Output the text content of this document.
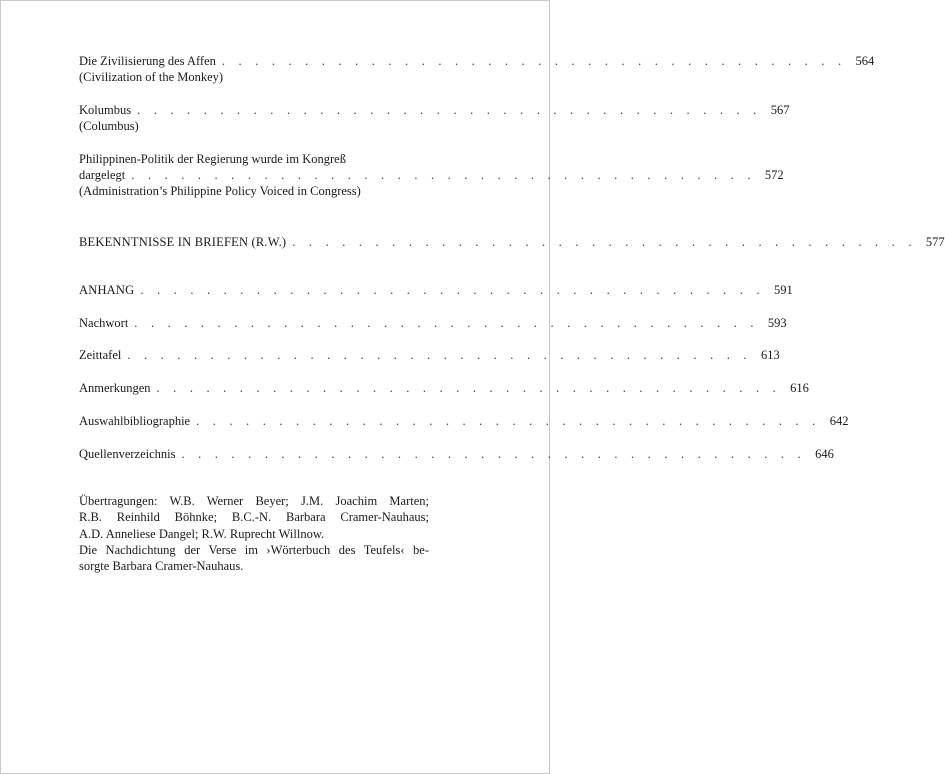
Die Zivilisierung des Affen . . . . . . . . . . . . . . . . . . . . . . . . . . . . . . . . . . . . . . 564
(Civilization of the Monkey)
Kolumbus . . . . . . . . . . . . . . . . . . . . . . . . . . . . . . . . . . . . . . 567
(Columbus)
Philippinen-Politik der Regierung wurde im Kongreß
dargelegt . . . . . . . . . . . . . . . . . . . . . . . . . . . . . . . . . . . . . . 572
(Administration’s Philippine Policy Voiced in Congress)
BEKENNTNISSE IN BRIEFEN (R.W.) . . . . . . . . . . . . . . . . . . . . . . . . . . . . . . . . . . . . . . 577
ANHANG . . . . . . . . . . . . . . . . . . . . . . . . . . . . . . . . . . . . . . 591
Nachwort . . . . . . . . . . . . . . . . . . . . . . . . . . . . . . . . . . . . . . 593
Zeittafel . . . . . . . . . . . . . . . . . . . . . . . . . . . . . . . . . . . . . . 613
Anmerkungen . . . . . . . . . . . . . . . . . . . . . . . . . . . . . . . . . . . . . . 616
Auswahlbibliographie . . . . . . . . . . . . . . . . . . . . . . . . . . . . . . . . . . . . . . 642
Quellenverzeichnis . . . . . . . . . . . . . . . . . . . . . . . . . . . . . . . . . . . . . . 646

Übertragungen: W.B. Werner Beyer; J.M. Joachim Marten;

R.B. Reinhild Böhnke; B.C.-N. Barbara Cramer-Nauhaus;

A.D. Anneliese Dangel; R.W. Ruprecht Willnow.

Die Nachdichtung der Verse im ›Wörterbuch des Teufels‹ be-

sorgte Barbara Cramer-Nauhaus.
